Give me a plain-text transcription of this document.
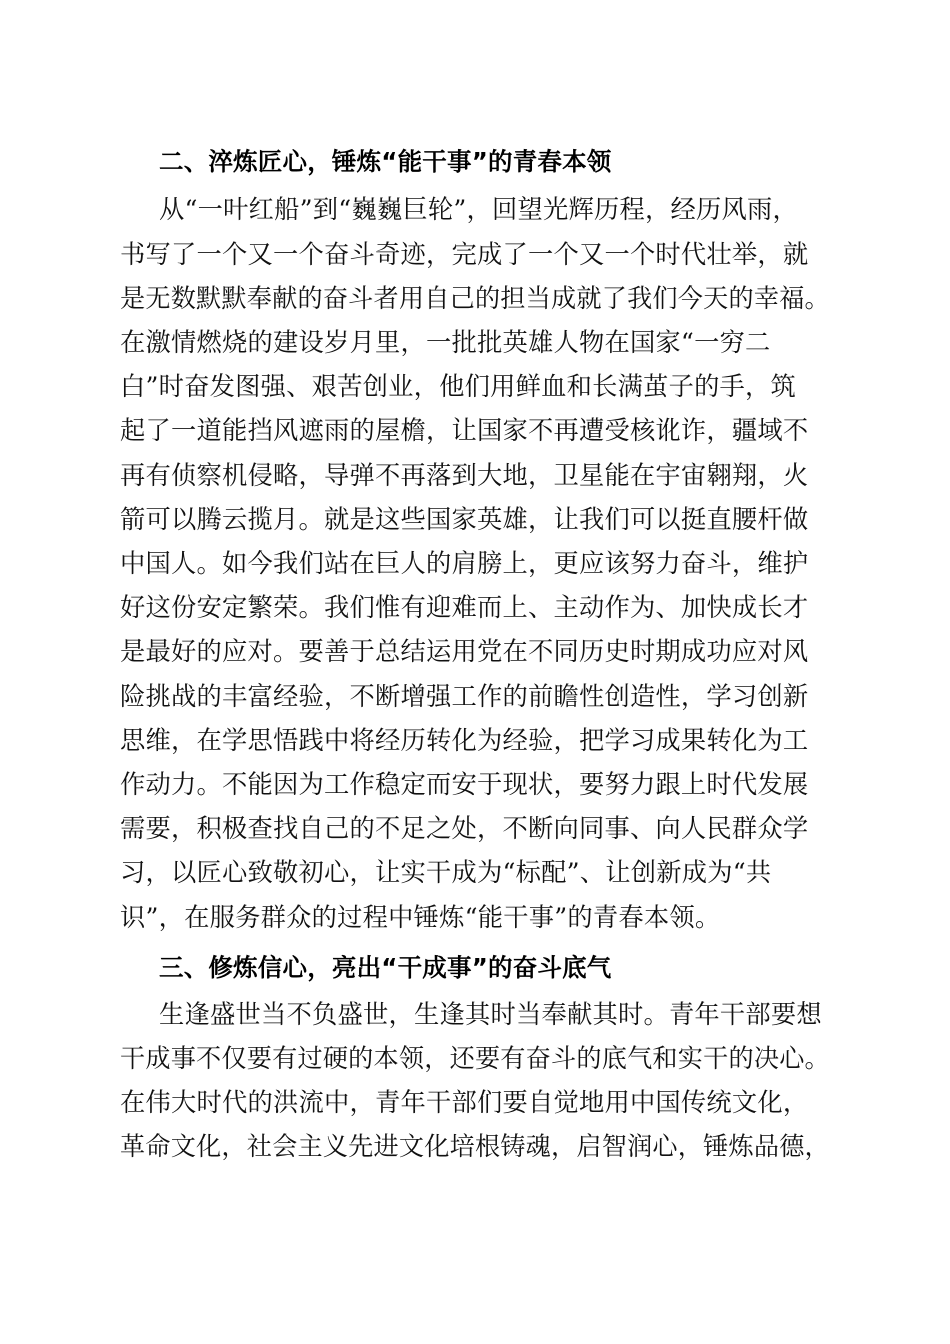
二、淬炼匠心，锤炼“能干事”的青春本领
从“一叶红船”到“巍巍巨轮”，回望光辉历程，经历风雨，
书写了一个又一个奋斗奇迹，完成了一个又一个时代壮举，就
是无数默默奉献的奋斗者用自己的担当成就了我们今天的幸福。
在激情燃烧的建设岁月里，一批批英雄人物在国家“一穷二
白”时奋发图强、艰苦创业，他们用鲜血和长满茧子的手，筑
起了一道能挡风遮雨的屋檐，让国家不再遭受核讹诈，疆域不
再有侦察机侵略，导弹不再落到大地，卫星能在宇宙翱翔，火
箭可以腾云揽月。就是这些国家英雄，让我们可以挺直腰杆做
中国人。如今我们站在巨人的肩膀上，更应该努力奋斗，维护
好这份安定繁荣。我们惟有迎难而上、主动作为、加快成长才
是最好的应对。要善于总结运用党在不同历史时期成功应对风
险挑战的丰富经验，不断增强工作的前瞻性创造性，学习创新
思维，在学思悟践中将经历转化为经验，把学习成果转化为工
作动力。不能因为工作稳定而安于现状，要努力跟上时代发展
需要，积极查找自己的不足之处，不断向同事、向人民群众学
习，以匠心致敬初心，让实干成为“标配”、让创新成为“共
识”，在服务群众的过程中锤炼“能干事”的青春本领。
三、修炼信心，亮出“干成事”的奋斗底气
生逢盛世当不负盛世，生逢其时当奉献其时。青年干部要想
干成事不仅要有过硬的本领，还要有奋斗的底气和实干的决心。
在伟大时代的洪流中，青年干部们要自觉地用中国传统文化，
革命文化，社会主义先进文化培根铸魂，启智润心，锤炼品德，
